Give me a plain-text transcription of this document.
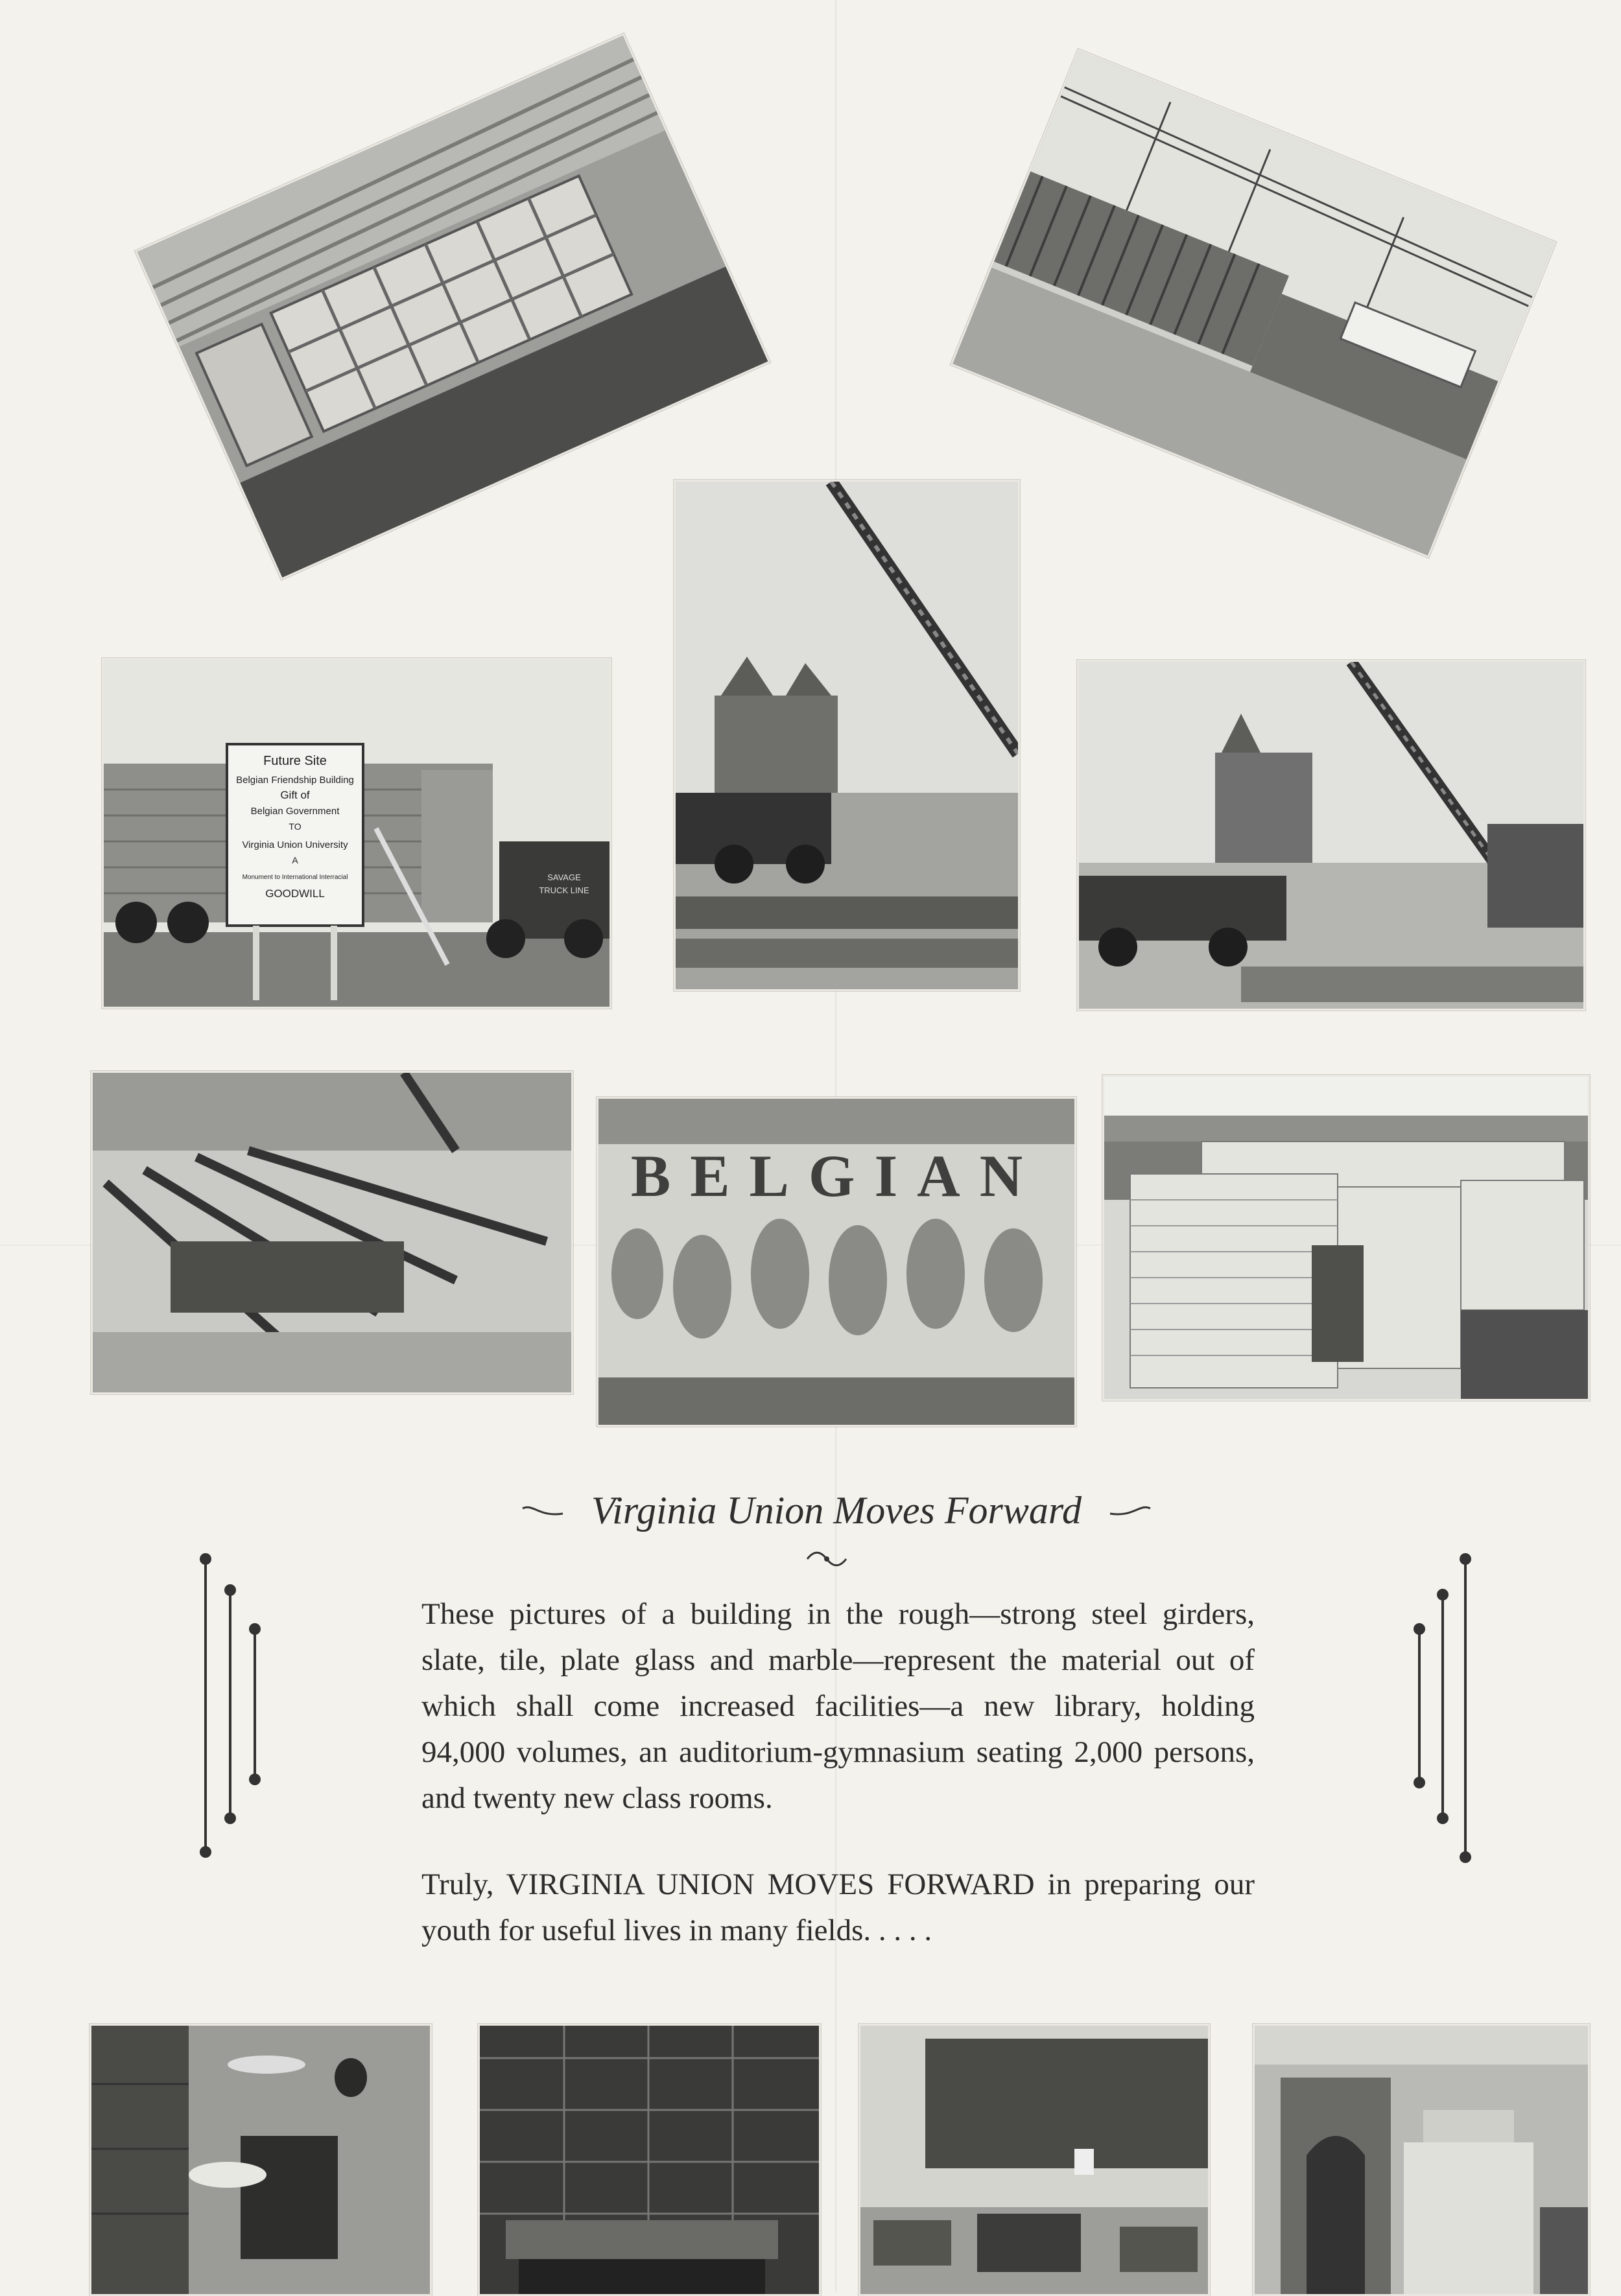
Future Site
Belgian Friendship Building
Gift of
Belgian Government
TO
Virginia Union University
A
Monument to International Interracial
GOODWILL
SAVAGE
TRUCK LINE
BELGIAN
Virginia Union Moves Forward

These pictures of a building in the rough—strong steel girders, slate, tile, plate glass and marble—represent the material out of which shall come increased facilities—a new library, holding 94,000 volumes, an auditorium-gymnasium seating 2,000 persons, and twenty new class rooms.

Truly, VIRGINIA UNION MOVES FORWARD in preparing our youth for useful lives in many fields. . . . .
